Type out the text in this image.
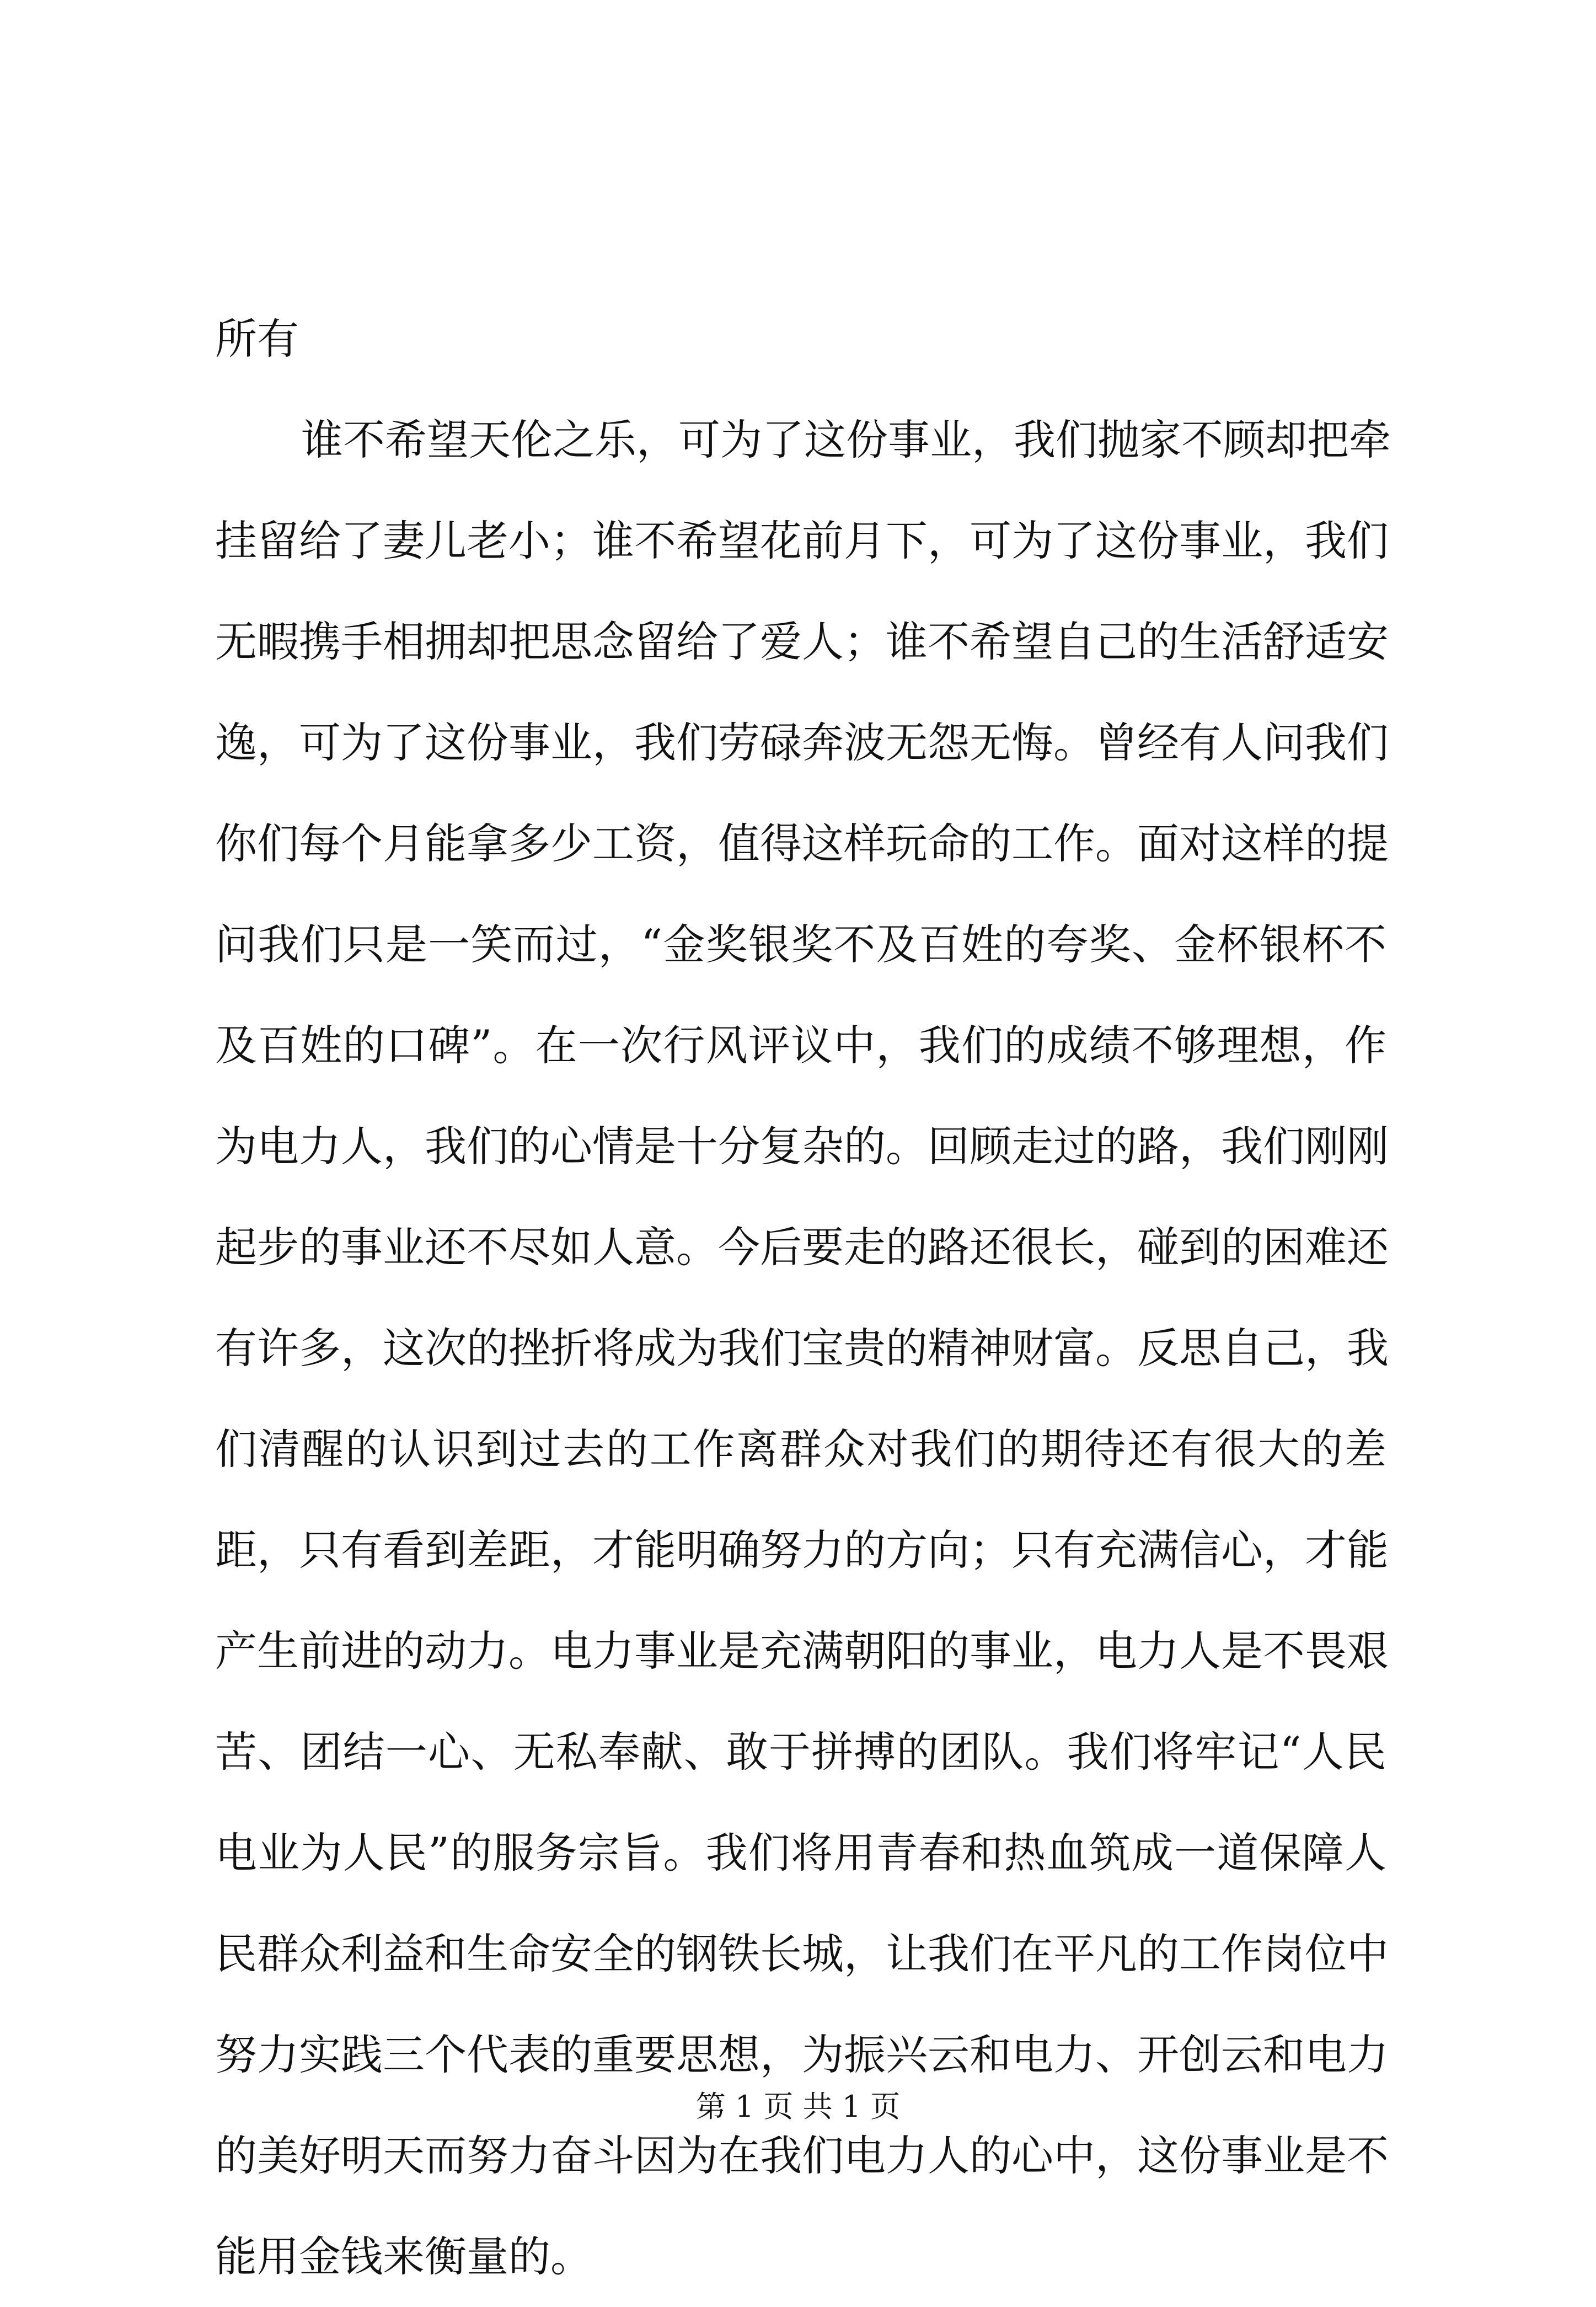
所有
谁不希望天伦之乐，可为了这份事业，我们抛家不顾却把牵
挂留给了妻儿老小；谁不希望花前月下，可为了这份事业，我们
无暇携手相拥却把思念留给了爱人；谁不希望自己的生活舒适安
逸，可为了这份事业，我们劳碌奔波无怨无悔。曾经有人问我们
你们每个月能拿多少工资，值得这样玩命的工作。面对这样的提
问我们只是一笑而过，“金奖银奖不及百姓的夸奖、金杯银杯不
及百姓的口碑”。在一次行风评议中，我们的成绩不够理想，作
为电力人，我们的心情是十分复杂的。回顾走过的路，我们刚刚
起步的事业还不尽如人意。今后要走的路还很长，碰到的困难还
有许多，这次的挫折将成为我们宝贵的精神财富。反思自己，我
们清醒的认识到过去的工作离群众对我们的期待还有很大的差
距，只有看到差距，才能明确努力的方向；只有充满信心，才能
产生前进的动力。电力事业是充满朝阳的事业，电力人是不畏艰
苦、团结一心、无私奉献、敢于拼搏的团队。我们将牢记“人民
电业为人民”的服务宗旨。我们将用青春和热血筑成一道保障人
民群众利益和生命安全的钢铁长城，让我们在平凡的工作岗位中
努力实践三个代表的重要思想，为振兴云和电力、开创云和电力
的美好明天而努力奋斗因为在我们电力人的心中，这份事业是不
能用金钱来衡量的。
第 1 页 共 1 页
